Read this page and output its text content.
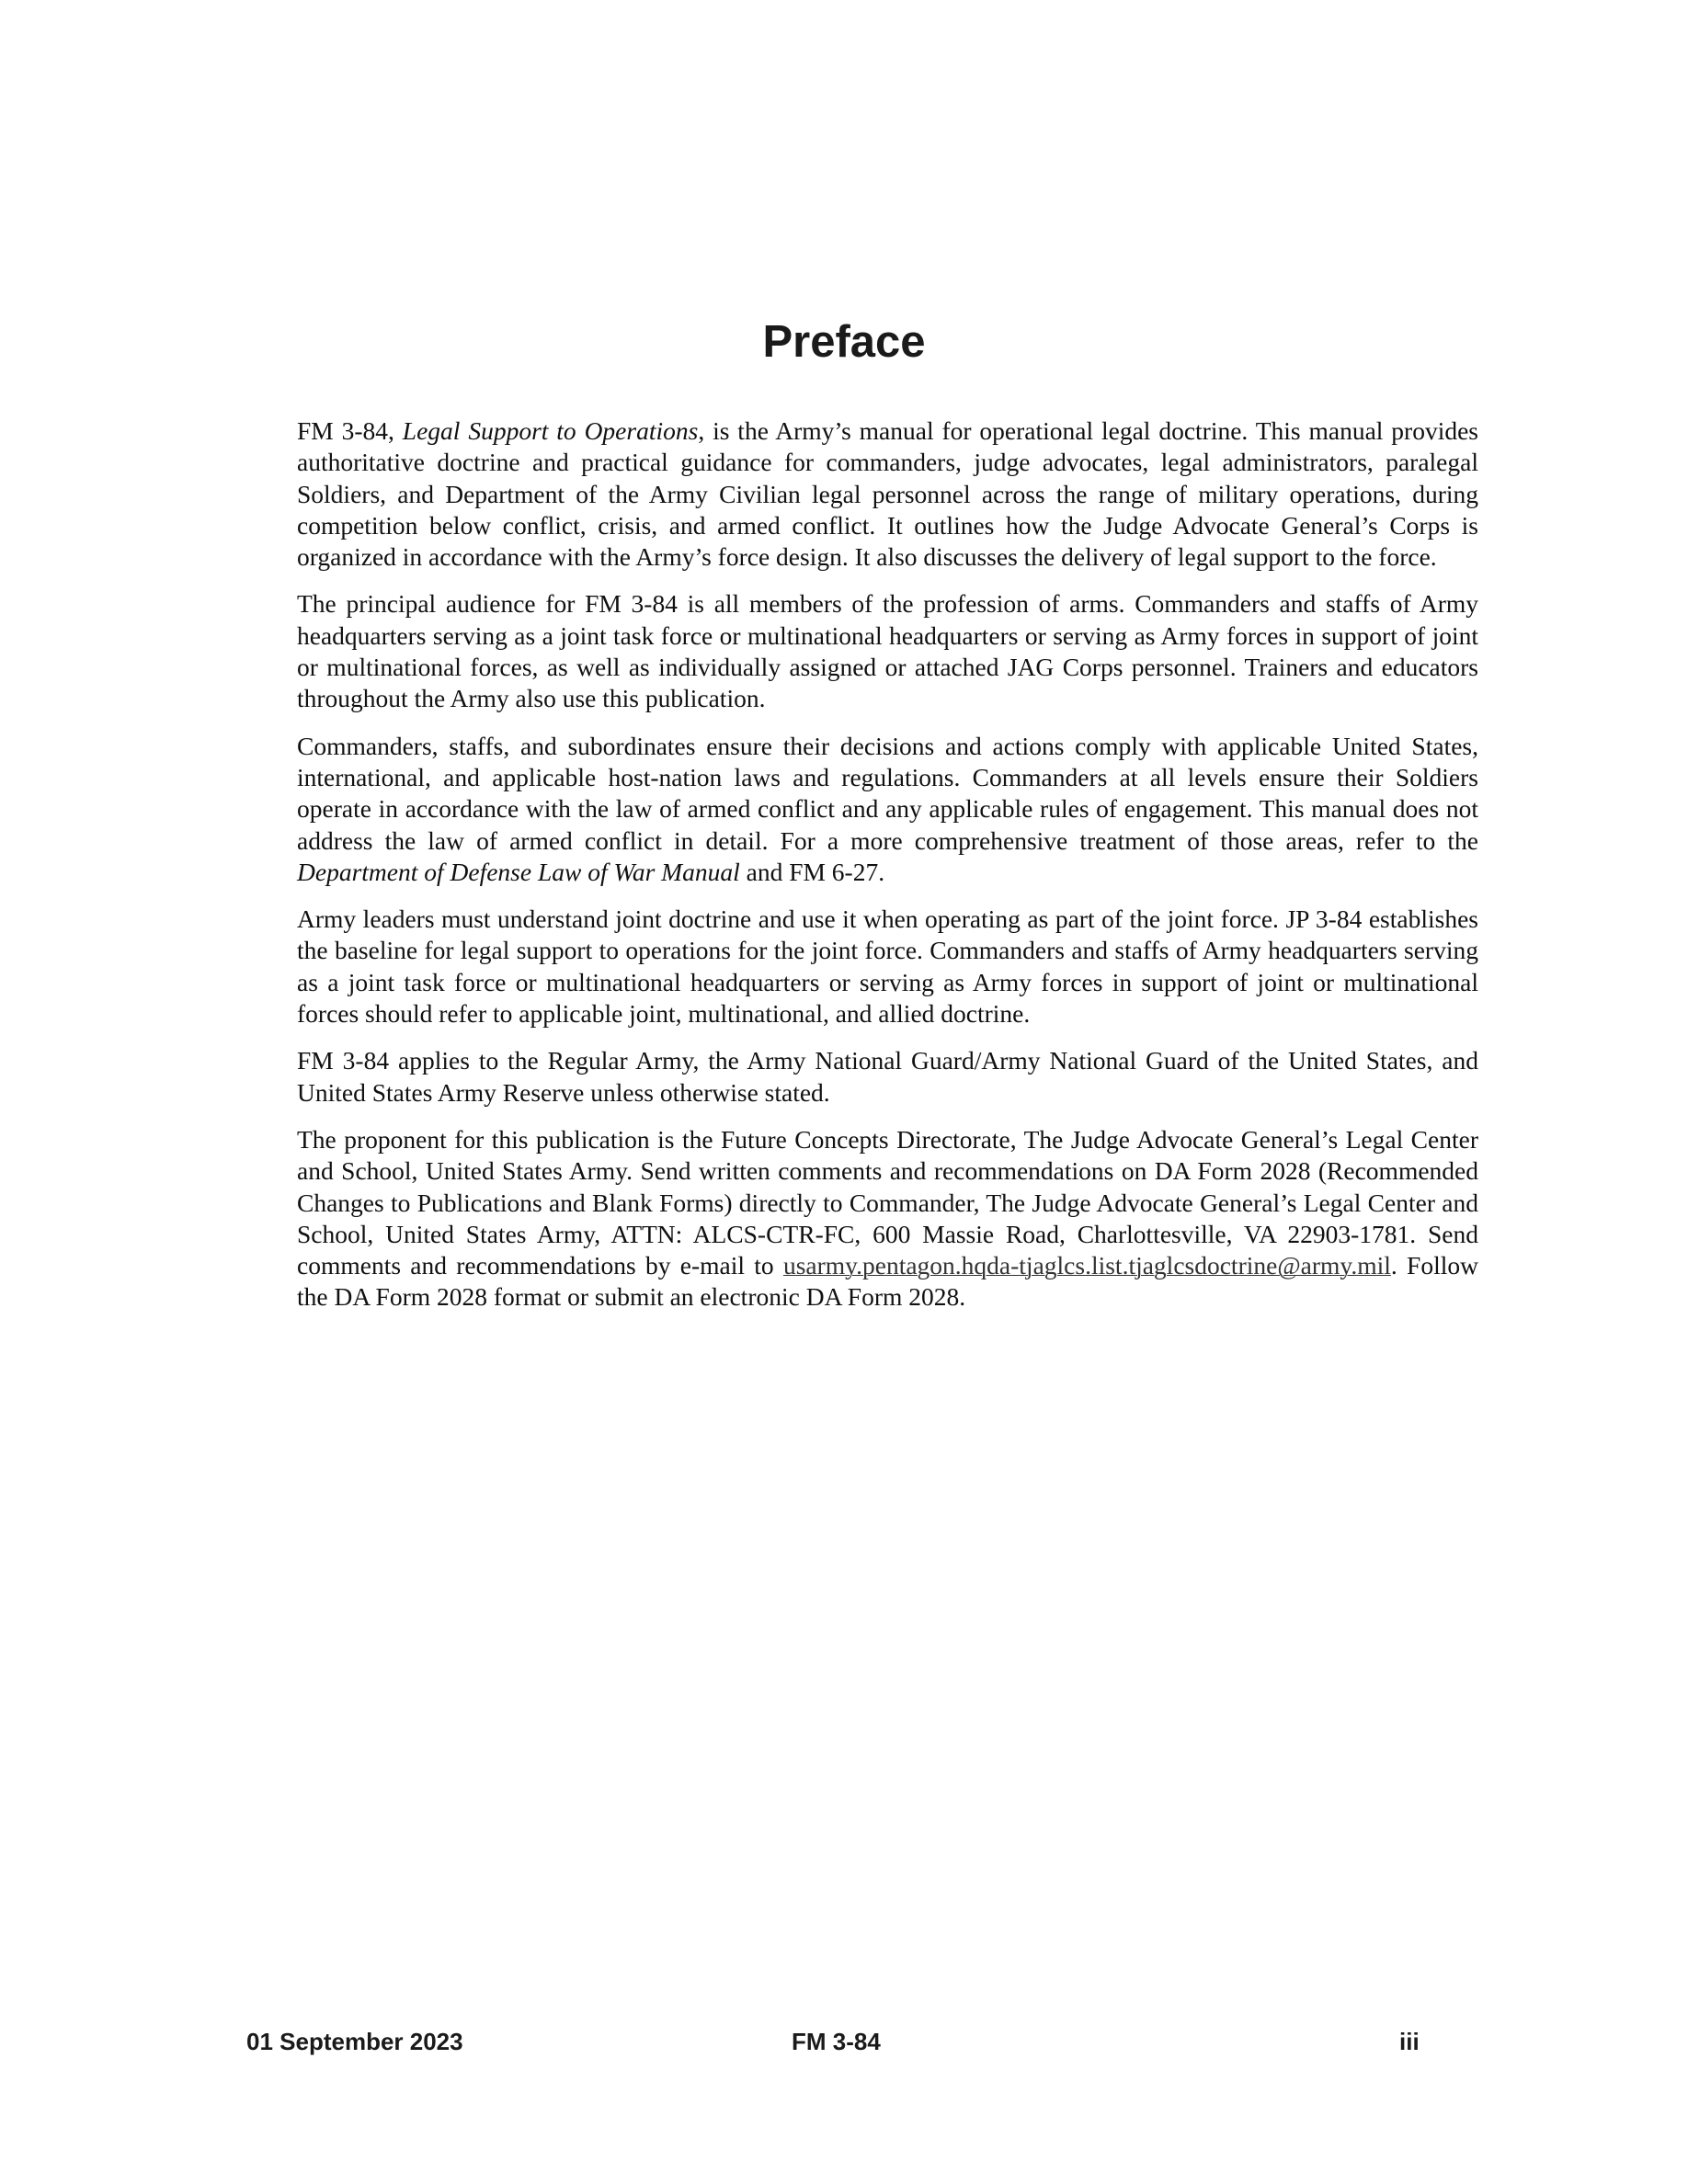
Preface

FM 3-84, Legal Support to Operations, is the Army’s manual for operational legal doctrine. This manual provides authoritative doctrine and practical guidance for commanders, judge advocates, legal administrators, paralegal Soldiers, and Department of the Army Civilian legal personnel across the range of military operations, during competition below conflict, crisis, and armed conflict. It outlines how the Judge Advocate General’s Corps is organized in accordance with the Army’s force design. It also discusses the delivery of legal support to the force.

The principal audience for FM 3-84 is all members of the profession of arms. Commanders and staffs of Army headquarters serving as a joint task force or multinational headquarters or serving as Army forces in support of joint or multinational forces, as well as individually assigned or attached JAG Corps personnel. Trainers and educators throughout the Army also use this publication.

Commanders, staffs, and subordinates ensure their decisions and actions comply with applicable United States, international, and applicable host-nation laws and regulations. Commanders at all levels ensure their Soldiers operate in accordance with the law of armed conflict and any applicable rules of engagement. This manual does not address the law of armed conflict in detail. For a more comprehensive treatment of those areas, refer to the Department of Defense Law of War Manual and FM 6-27.

Army leaders must understand joint doctrine and use it when operating as part of the joint force. JP 3-84 establishes the baseline for legal support to operations for the joint force. Commanders and staffs of Army headquarters serving as a joint task force or multinational headquarters or serving as Army forces in support of joint or multinational forces should refer to applicable joint, multinational, and allied doctrine.

FM 3-84 applies to the Regular Army, the Army National Guard/Army National Guard of the United States, and United States Army Reserve unless otherwise stated.

The proponent for this publication is the Future Concepts Directorate, The Judge Advocate General’s Legal Center and School, United States Army. Send written comments and recommendations on DA Form 2028 (Recommended Changes to Publications and Blank Forms) directly to Commander, The Judge Advocate General’s Legal Center and School, United States Army, ATTN: ALCS-CTR-FC, 600 Massie Road, Charlottesville, VA 22903-1781. Send comments and recommendations by e-mail to usarmy.pentagon.hqda-tjaglcs.list.tjaglcsdoctrine@army.mil. Follow the DA Form 2028 format or submit an electronic DA Form 2028.

01 September 2023	FM 3-84	iii
